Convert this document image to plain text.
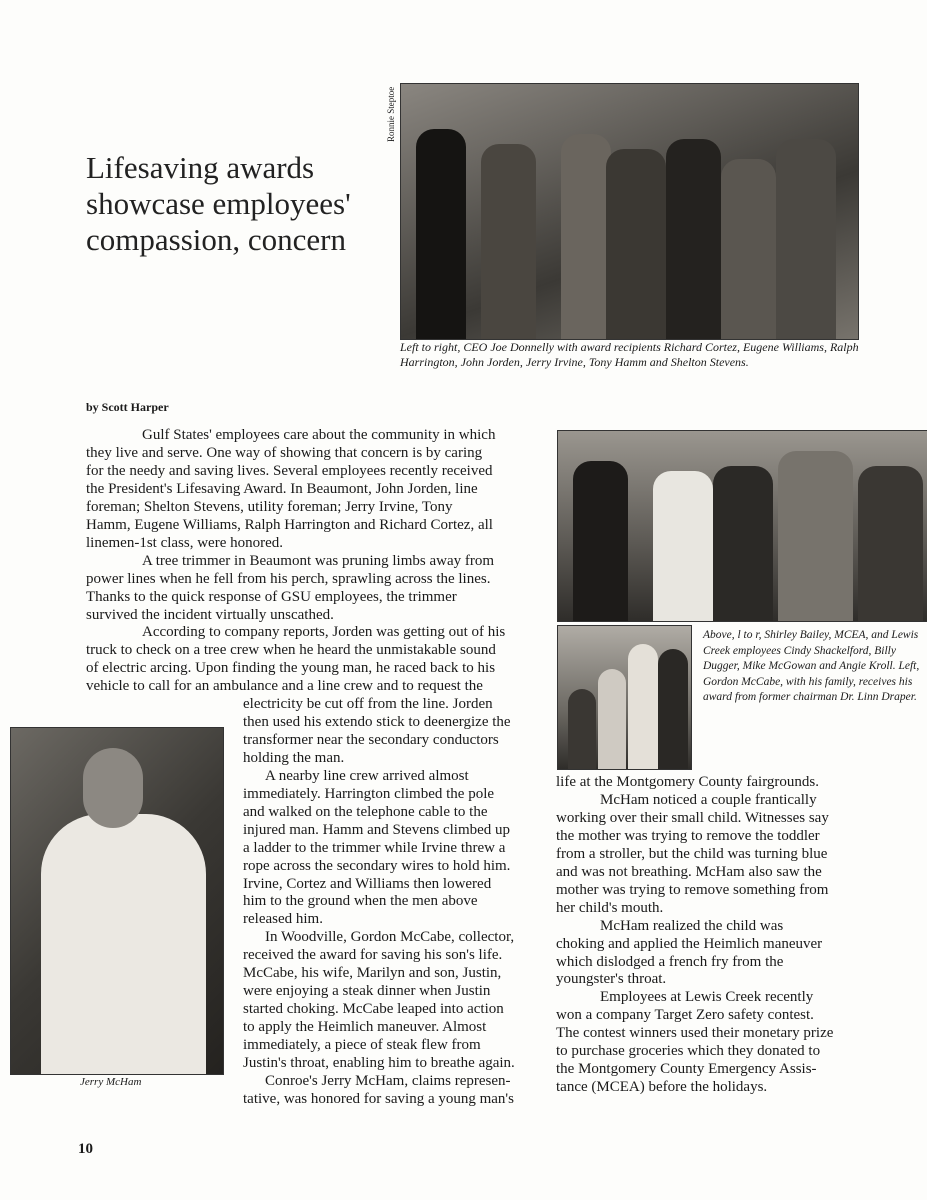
Lifesaving awards
showcase employees'
compassion, concern
Ronnie Steptoe
Left to right, CEO Joe Donnelly with award recipients Richard Cortez, Eugene Williams, Ralph Harrington, John Jorden, Jerry Irvine, Tony Hamm and Shelton Stevens.
by Scott Harper
Above, l to r, Shirley Bailey, MCEA, and Lewis Creek employees Cindy Shackelford, Billy Dugger, Mike McGowan and Angie Kroll. Left, Gordon McCabe, with his family, receives his award from former chairman Dr. Linn Draper.
Jerry McHam
Gulf States' employees care about the community in which
they live and serve. One way of showing that concern is by caring
for the needy and saving lives. Several employees recently received
the President's Lifesaving Award. In Beaumont, John Jorden, line
foreman; Shelton Stevens, utility foreman; Jerry Irvine, Tony
Hamm, Eugene Williams, Ralph Harrington and Richard Cortez, all
linemen-1st class, were honored.
A tree trimmer in Beaumont was pruning limbs away from
power lines when he fell from his perch, sprawling across the lines.
Thanks to the quick response of GSU employees, the trimmer
survived the incident virtually unscathed.
According to company reports, Jorden was getting out of his
truck to check on a tree crew when he heard the unmistakable sound
of electric arcing. Upon finding the young man, he raced back to his
vehicle to call for an ambulance and a line crew and to request the
electricity be cut off from the line. Jorden
then used his extendo stick to deenergize the
transformer near the secondary conductors
holding the man.
A nearby line crew arrived almost
immediately. Harrington climbed the pole
and walked on the telephone cable to the
injured man. Hamm and Stevens climbed up
a ladder to the trimmer while Irvine threw a
rope across the secondary wires to hold him.
Irvine, Cortez and Williams then lowered
him to the ground when the men above
released him.
In Woodville, Gordon McCabe, collector,
received the award for saving his son's life.
McCabe, his wife, Marilyn and son, Justin,
were enjoying a steak dinner when Justin
started choking. McCabe leaped into action
to apply the Heimlich maneuver. Almost
immediately, a piece of steak flew from
Justin's throat, enabling him to breathe again.
Conroe's Jerry McHam, claims represen-
tative, was honored for saving a young man's
life at the Montgomery County fairgrounds.
McHam noticed a couple frantically
working over their small child. Witnesses say
the mother was trying to remove the toddler
from a stroller, but the child was turning blue
and was not breathing. McHam also saw the
mother was trying to remove something from
her child's mouth.
McHam realized the child was
choking and applied the Heimlich maneuver
which dislodged a french fry from the
youngster's throat.
Employees at Lewis Creek recently
won a company Target Zero safety contest.
The contest winners used their monetary prize
to purchase groceries which they donated to
the Montgomery County Emergency Assis-
tance (MCEA) before the holidays.
10
